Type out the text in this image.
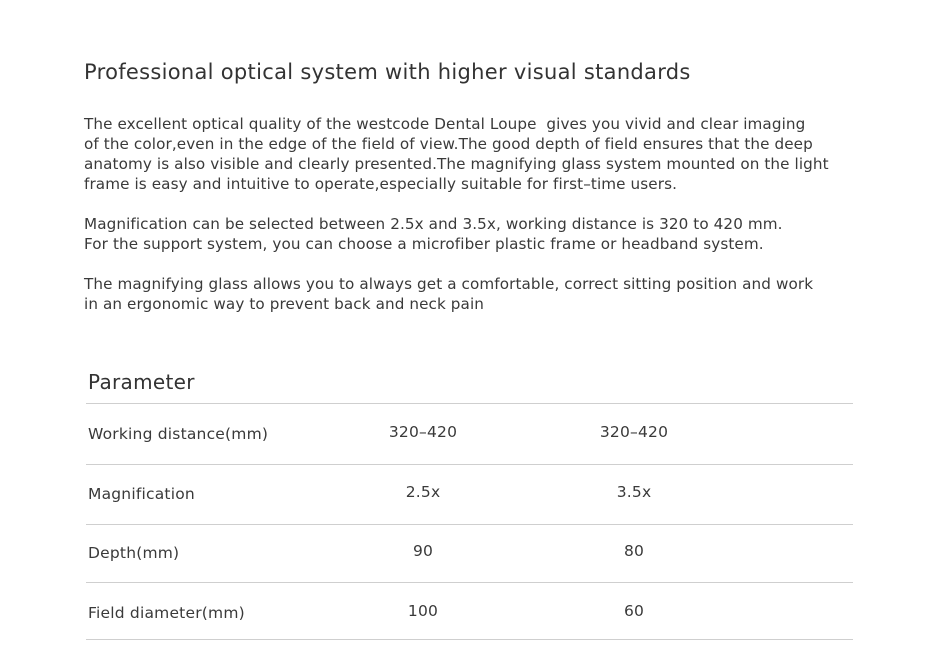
Professional optical system with higher visual standards

The excellent optical quality of the westcode Dental Loupe  gives you vivid and clear imaging
of the color,even in the edge of the field of view.The good depth of field ensures that the deep
anatomy is also visible and clearly presented.The magnifying glass system mounted on the light
frame is easy and intuitive to operate,especially suitable for first–time users.

Magnification can be selected between 2.5x and 3.5x, working distance is 320 to 420 mm.
For the support system, you can choose a microfiber plastic frame or headband system.

The magnifying glass allows you to always get a comfortable, correct sitting position and work
in an ergonomic way to prevent back and neck pain

Parameter
Working distance(mm)	320–420	320–420
Magnification	2.5x	3.5x
Depth(mm)	90	80
Field diameter(mm)	100	60
